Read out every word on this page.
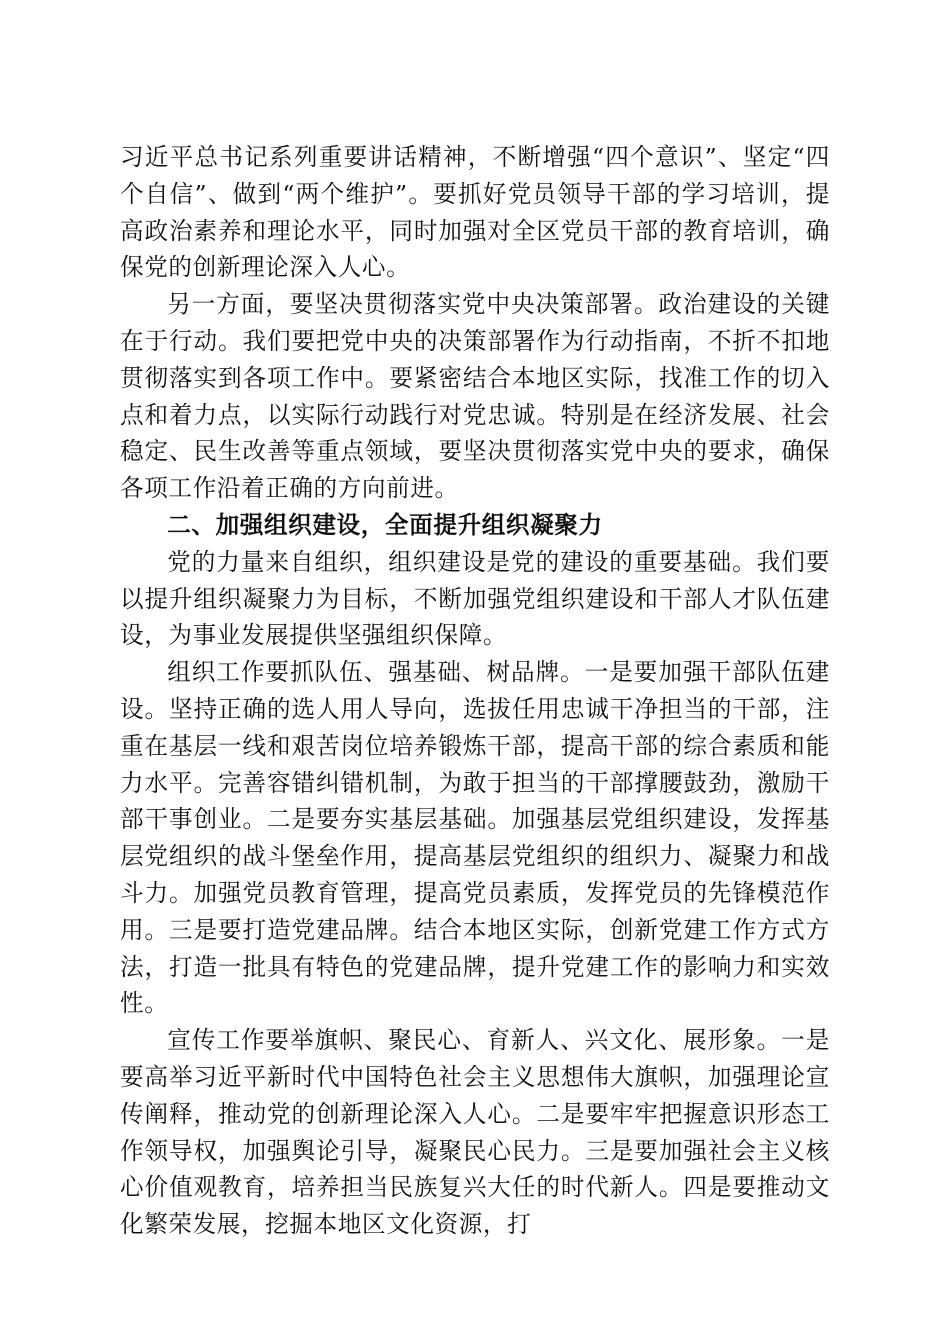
习近平总书记系列重要讲话精神，不断增强“四个意识”、坚定“四个自信”、做到“两个维护”。要抓好党员领导干部的学习培训，提高政治素养和理论水平，同时加强对全区党员干部的教育培训，确保党的创新理论深入人心。

另一方面，要坚决贯彻落实党中央决策部署。政治建设的关键在于行动。我们要把党中央的决策部署作为行动指南，不折不扣地贯彻落实到各项工作中。要紧密结合本地区实际，找准工作的切入点和着力点，以实际行动践行对党忠诚。特别是在经济发展、社会稳定、民生改善等重点领域，要坚决贯彻落实党中央的要求，确保各项工作沿着正确的方向前进。

二、加强组织建设，全面提升组织凝聚力

党的力量来自组织，组织建设是党的建设的重要基础。我们要以提升组织凝聚力为目标，不断加强党组织建设和干部人才队伍建设，为事业发展提供坚强组织保障。

组织工作要抓队伍、强基础、树品牌。一是要加强干部队伍建设。坚持正确的选人用人导向，选拔任用忠诚干净担当的干部，注重在基层一线和艰苦岗位培养锻炼干部，提高干部的综合素质和能力水平。完善容错纠错机制，为敢于担当的干部撑腰鼓劲，激励干部干事创业。二是要夯实基层基础。加强基层党组织建设，发挥基层党组织的战斗堡垒作用，提高基层党组织的组织力、凝聚力和战斗力。加强党员教育管理，提高党员素质，发挥党员的先锋模范作用。三是要打造党建品牌。结合本地区实际，创新党建工作方式方法，打造一批具有特色的党建品牌，提升党建工作的影响力和实效性。

宣传工作要举旗帜、聚民心、育新人、兴文化、展形象。一是要高举习近平新时代中国特色社会主义思想伟大旗帜，加强理论宣传阐释，推动党的创新理论深入人心。二是要牢牢把握意识形态工作领导权，加强舆论引导，凝聚民心民力。三是要加强社会主义核心价值观教育，培养担当民族复兴大任的时代新人。四是要推动文化繁荣发展，挖掘本地区文化资源，打
